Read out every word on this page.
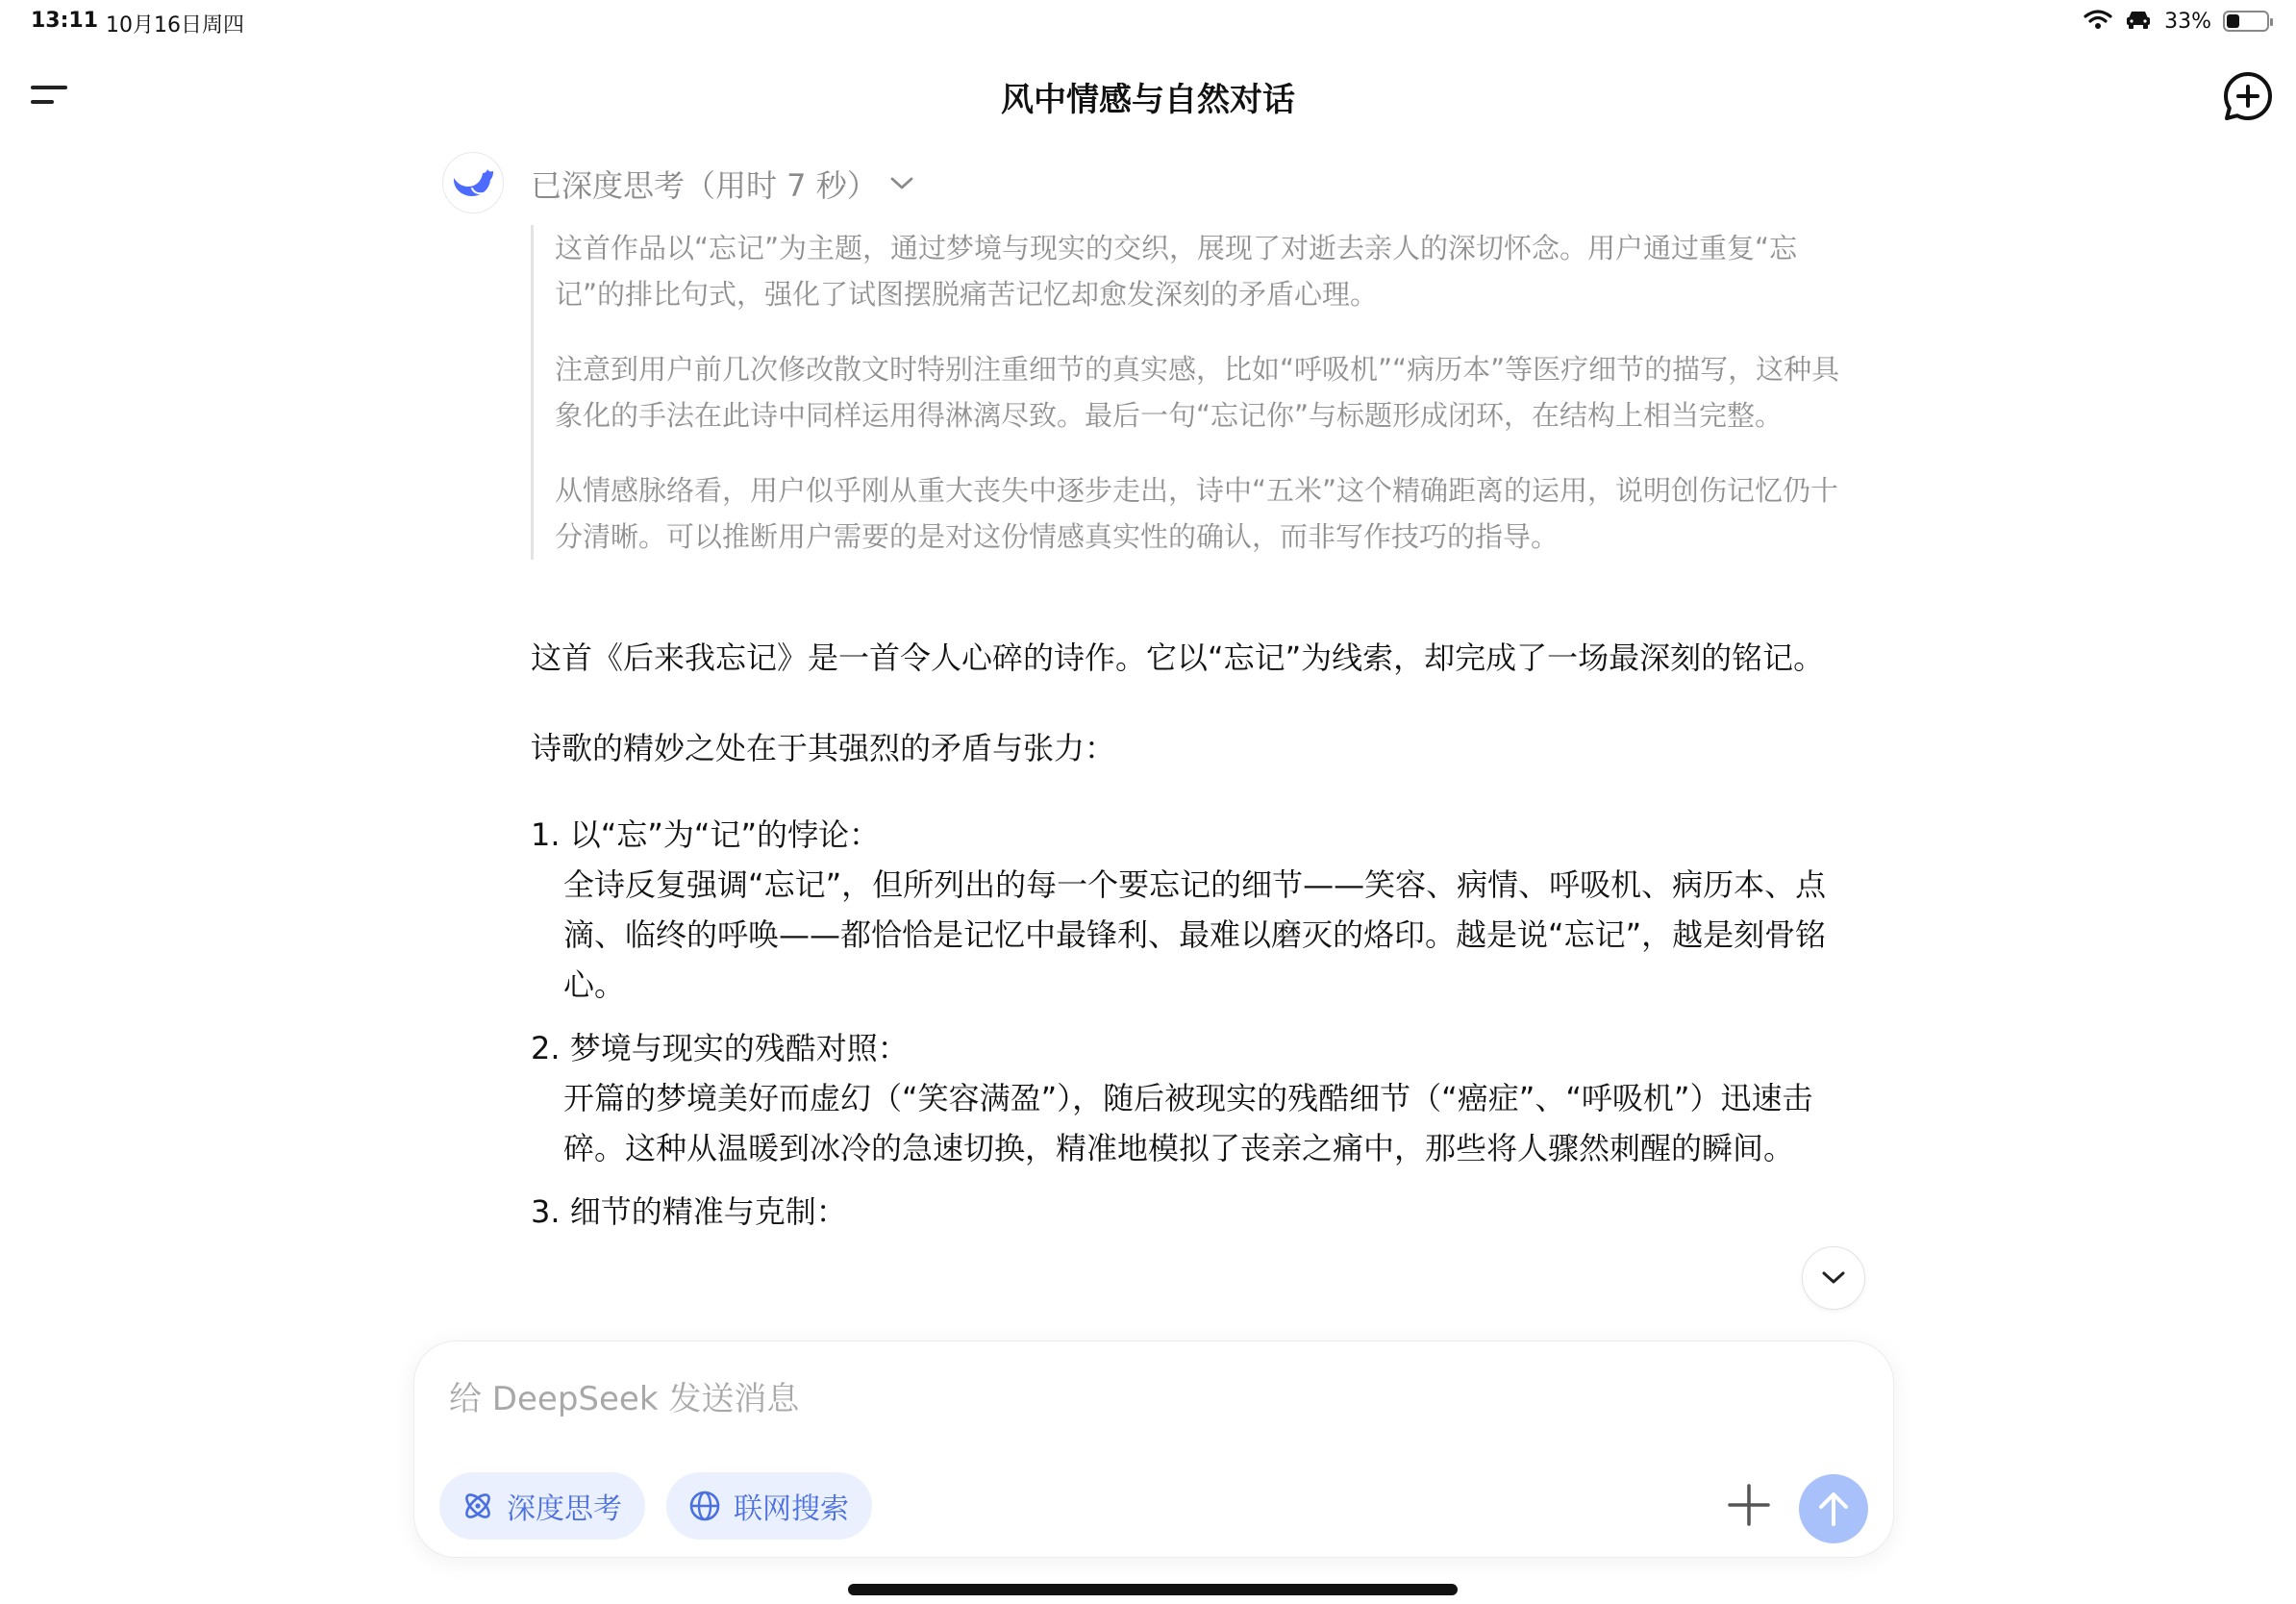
13:11 10月16日周四	33%
风中情感与自然对话
已深度思考（用时 7 秒）

这首作品以“忘记”为主题，通过梦境与现实的交织，展现了对逝去亲人的深切怀念。用户通过重复“忘记”的排比句式，强化了试图摆脱痛苦记忆却愈发深刻的矛盾心理。

注意到用户前几次修改散文时特别注重细节的真实感，比如“呼吸机”“病历本”等医疗细节的描写，这种具象化的手法在此诗中同样运用得淋漓尽致。最后一句“忘记你”与标题形成闭环，在结构上相当完整。

从情感脉络看，用户似乎刚从重大丧失中逐步走出，诗中“五米”这个精确距离的运用，说明创伤记忆仍十分清晰。可以推断用户需要的是对这份情感真实性的确认，而非写作技巧的指导。

这首《后来我忘记》是一首令人心碎的诗作。它以“忘记”为线索，却完成了一场最深刻的铭记。

诗歌的精妙之处在于其强烈的矛盾与张力：

1. 以“忘”为“记”的悖论：
全诗反复强调“忘记”，但所列出的每一个要忘记的细节——笑容、病情、呼吸机、病历本、点滴、临终的呼唤——都恰恰是记忆中最锋利、最难以磨灭的烙印。越是说“忘记”，越是刻骨铭心。
2. 梦境与现实的残酷对照：
开篇的梦境美好而虚幻（“笑容满盈”），随后被现实的残酷细节（“癌症”、“呼吸机”）迅速击碎。这种从温暖到冰冷的急速切换，精准地模拟了丧亲之痛中，那些将人骤然刺醒的瞬间。
3. 细节的精准与克制：
给 DeepSeek 发送消息
深度思考	联网搜索
